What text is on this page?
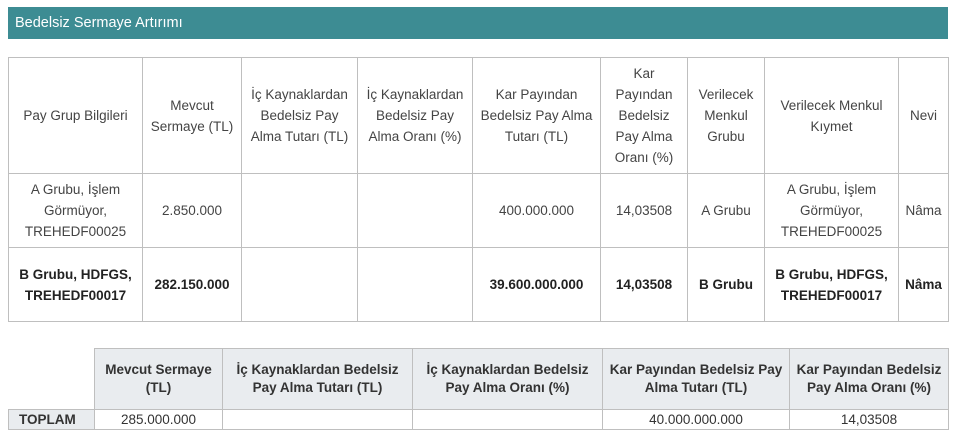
Bedelsiz Sermaye Artırımı
Pay Grup Bilgileri	Mevcut Sermaye (TL)	İç Kaynaklardan Bedelsiz Pay Alma Tutarı (TL)	İç Kaynaklardan Bedelsiz Pay Alma Oranı (%)	Kar Payından Bedelsiz Pay Alma Tutarı (TL)	Kar Payından Bedelsiz Pay Alma Oranı (%)	Verilecek Menkul Grubu	Verilecek Menkul Kıymet	Nevi
A Grubu, İşlem Görmüyor, TREHEDF00025	2.850.000			400.000.000	14,03508	A Grubu	A Grubu, İşlem Görmüyor, TREHEDF00025	Nâma
B Grubu, HDFGS, TREHEDF00017	282.150.000			39.600.000.000	14,03508	B Grubu	B Grubu, HDFGS, TREHEDF00017	Nâma
	Mevcut Sermaye (TL)	İç Kaynaklardan Bedelsiz Pay Alma Tutarı (TL)	İç Kaynaklardan Bedelsiz Pay Alma Oranı (%)	Kar Payından Bedelsiz Pay Alma Tutarı (TL)	Kar Payından Bedelsiz Pay Alma Oranı (%)
TOPLAM	285.000.000			40.000.000.000	14,03508
